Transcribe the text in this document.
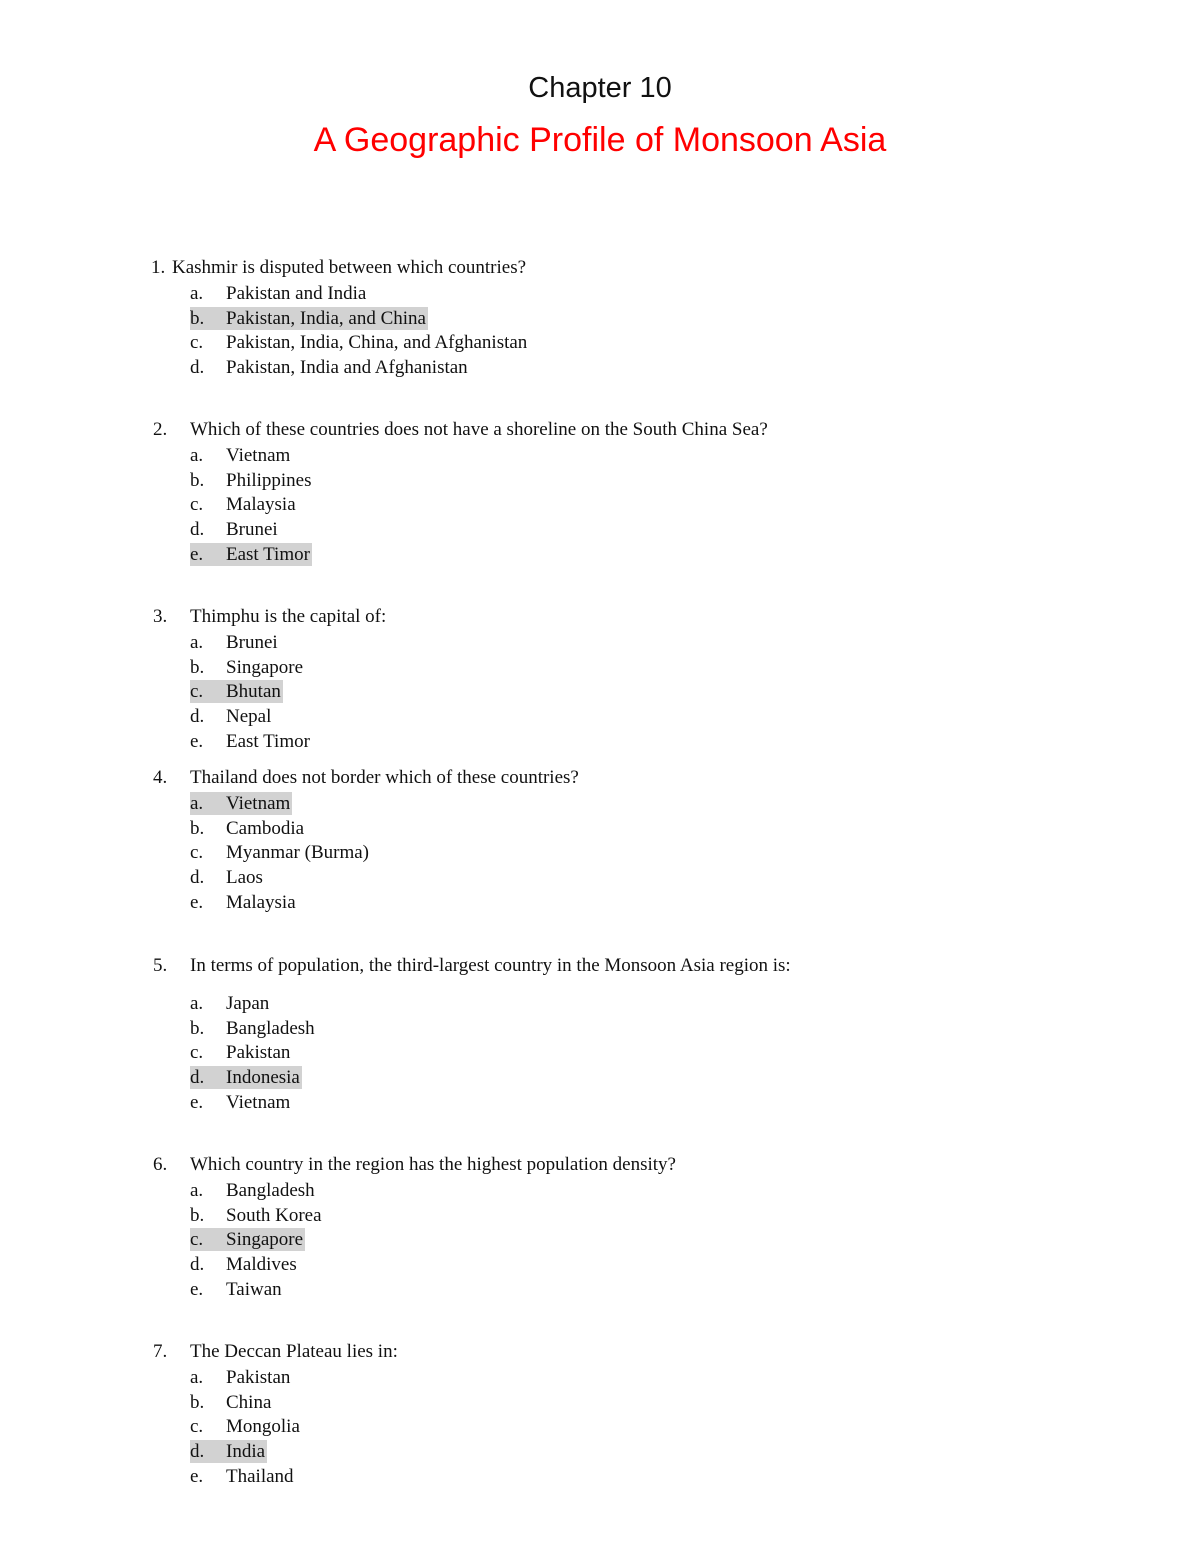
Chapter 10
A Geographic Profile of Monsoon Asia
1. Kashmir is disputed between which countries?
a.	Pakistan and India
b.	Pakistan, India, and China
c.	Pakistan, India, China, and Afghanistan
d.	Pakistan, India and Afghanistan
2. Which of these countries does not have a shoreline on the South China Sea?
a.	Vietnam
b.	Philippines
c.	Malaysia
d.	Brunei
e.	East Timor
3. Thimphu is the capital of:
a.	Brunei
b.	Singapore
c.	Bhutan
d.	Nepal
e.	East Timor
4. Thailand does not border which of these countries?
a.	Vietnam
b.	Cambodia
c.	Myanmar (Burma)
d.	Laos
e.	Malaysia
5. In terms of population, the third-largest country in the Monsoon Asia region is:
a.	Japan
b.	Bangladesh
c.	Pakistan
d.	Indonesia
e.	Vietnam
6. Which country in the region has the highest population density?
a.	Bangladesh
b.	South Korea
c.	Singapore
d.	Maldives
e.	Taiwan
7. The Deccan Plateau lies in:
a.	Pakistan
b.	China
c.	Mongolia
d.	India
e.	Thailand
